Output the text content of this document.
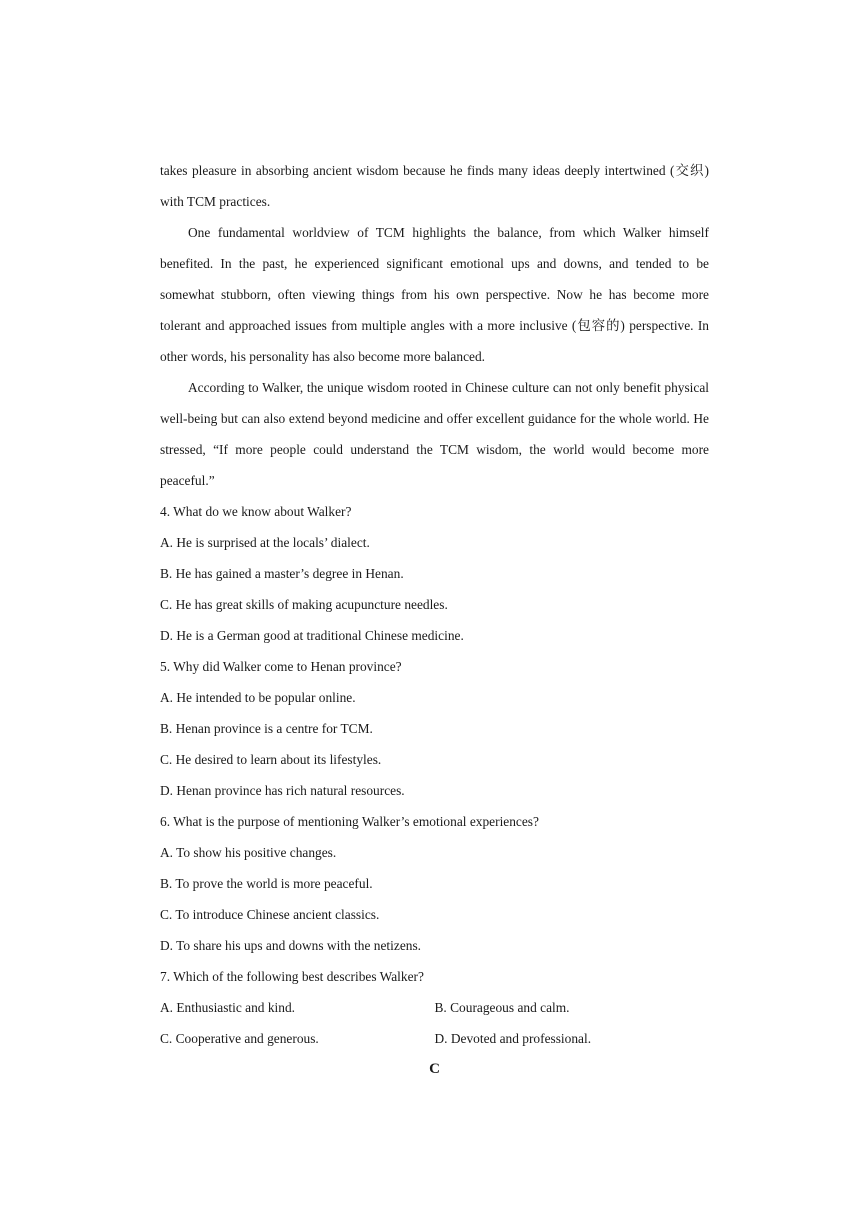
takes pleasure in absorbing ancient wisdom because he finds many ideas deeply intertwined (交织) with TCM practices.

One fundamental worldview of TCM highlights the balance, from which Walker himself benefited. In the past, he experienced significant emotional ups and downs, and tended to be somewhat stubborn, often viewing things from his own perspective. Now he has become more tolerant and approached issues from multiple angles with a more inclusive (包容的) perspective. In other words, his personality has also become more balanced.

According to Walker, the unique wisdom rooted in Chinese culture can not only benefit physical well-being but can also extend beyond medicine and offer excellent guidance for the whole world. He stressed, “If more people could understand the TCM wisdom, the world would become more peaceful.”

4. What do we know about Walker?

A. He is surprised at the locals’ dialect.

B. He has gained a master’s degree in Henan.

C. He has great skills of making acupuncture needles.

D. He is a German good at traditional Chinese medicine.

5. Why did Walker come to Henan province?

A. He intended to be popular online.

B. Henan province is a centre for TCM.

C. He desired to learn about its lifestyles.

D. Henan province has rich natural resources.

6. What is the purpose of mentioning Walker’s emotional experiences?

A. To show his positive changes.

B. To prove the world is more peaceful.

C. To introduce Chinese ancient classics.

D. To share his ups and downs with the netizens.

7. Which of the following best describes Walker?

A. Enthusiastic and kind.	B. Courageous and calm.

C. Cooperative and generous.	D. Devoted and professional.

C
